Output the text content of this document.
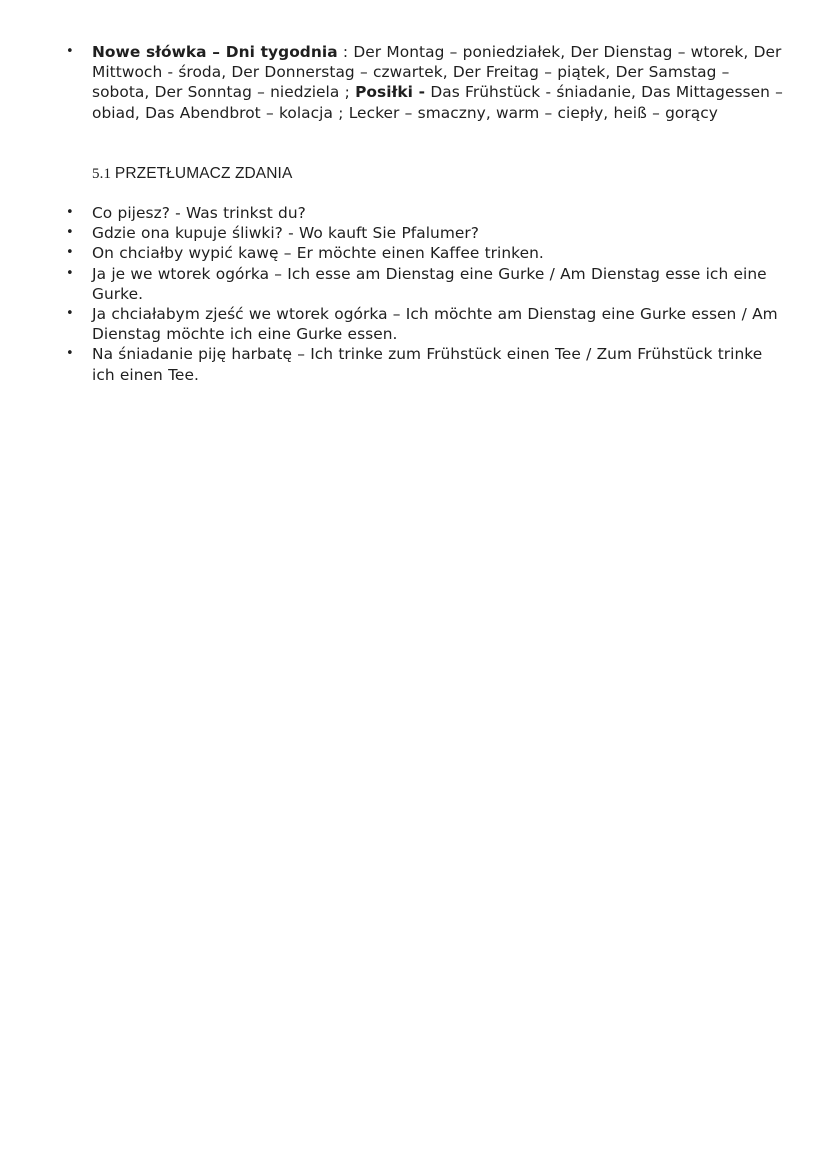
• Nowe słówka – Dni tygodnia : Der Montag – poniedziałek, Der Dienstag – wtorek, Der Mittwoch - środa, Der Donnerstag – czwartek, Der Freitag – piątek, Der Samstag – sobota, Der Sonntag – niedziela ; Posiłki - Das Frühstück - śniadanie, Das Mittagessen – obiad, Das Abendbrot – kolacja ; Lecker – smaczny, warm – ciepły, heiß – gorący
5.1 PRZETŁUMACZ ZDANIA
• Co pijesz? - Was trinkst du?
• Gdzie ona kupuje śliwki? - Wo kauft Sie Pfalumer?
• On chciałby wypić kawę – Er möchte einen Kaffee trinken.
• Ja je we wtorek ogórka – Ich esse am Dienstag eine Gurke / Am Dienstag esse ich eine Gurke.
• Ja chciałabym zjeść we wtorek ogórka – Ich möchte am Dienstag eine Gurke essen / Am Dienstag möchte ich eine Gurke essen.
• Na śniadanie piję harbatę – Ich trinke zum Frühstück einen Tee / Zum Frühstück trinke ich einen Tee.
